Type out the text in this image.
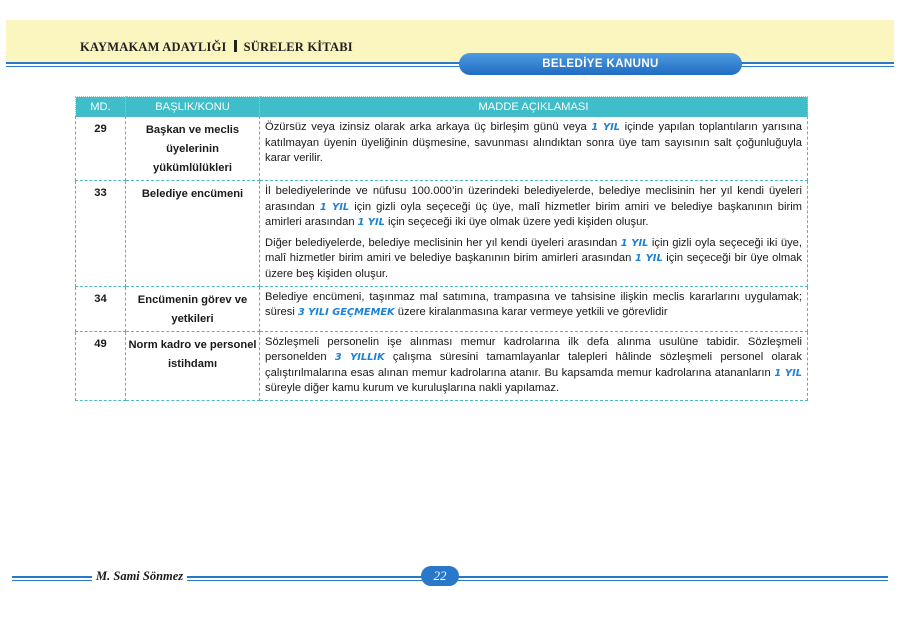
KAYMAKAM ADAYLIĞI SÜRELER KİTABI
BELEDİYE KANUNU
MD.	BAŞLIK/KONU	MADDE AÇIKLAMASI
29	Başkan ve meclis üyelerinin yükümlülükleri	Özürsüz veya izinsiz olarak arka arkaya üç birleşim günü veya 1 YIL içinde yapılan toplantıların yarısına katılmayan üyenin üyeliğinin düşmesine, savunması alındıktan sonra üye tam sayısının salt çoğunluğuyla karar verilir.

33	Belediye encümeni	İl belediyelerinde ve nüfusu 100.000’in üzerindeki belediyelerde, belediye meclisinin her yıl kendi üyeleri arasından 1 YIL için gizli oyla seçeceği üç üye, malî hizmetler birim amiri ve belediye başkanının birim amirleri arasından 1 YIL için seçeceği iki üye olmak üzere yedi kişiden oluşur.

Diğer belediyelerde, belediye meclisinin her yıl kendi üyeleri arasından 1 YIL için gizli oyla seçeceği iki üye, malî hizmetler birim amiri ve belediye başkanının birim amirleri arasından 1 YIL için seçeceği bir üye olmak üzere beş kişiden oluşur.

34	Encümenin görev ve yetkileri	Belediye encümeni, taşınmaz mal satımına, trampasına ve tahsisine ilişkin meclis kararlarını uygulamak; süresi 3 YILI GEÇMEMEK üzere kiralanmasına karar vermeye yetkili ve görevlidir

49	Norm kadro ve personel istihdamı	Sözleşmeli personelin işe alınması memur kadrolarına ilk defa alınma usulüne tabidir. Sözleşmeli personelden 3 YILLIK çalışma süresini tamamlayanlar talepleri hâlinde sözleşmeli personel olarak çalıştırılmalarına esas alınan memur kadrolarına atanır. Bu kapsamda memur kadrolarına atananların 1 YIL süreyle diğer kamu kurum ve kuruluşlarına nakli yapılamaz.

M. Sami Sönmez	22
